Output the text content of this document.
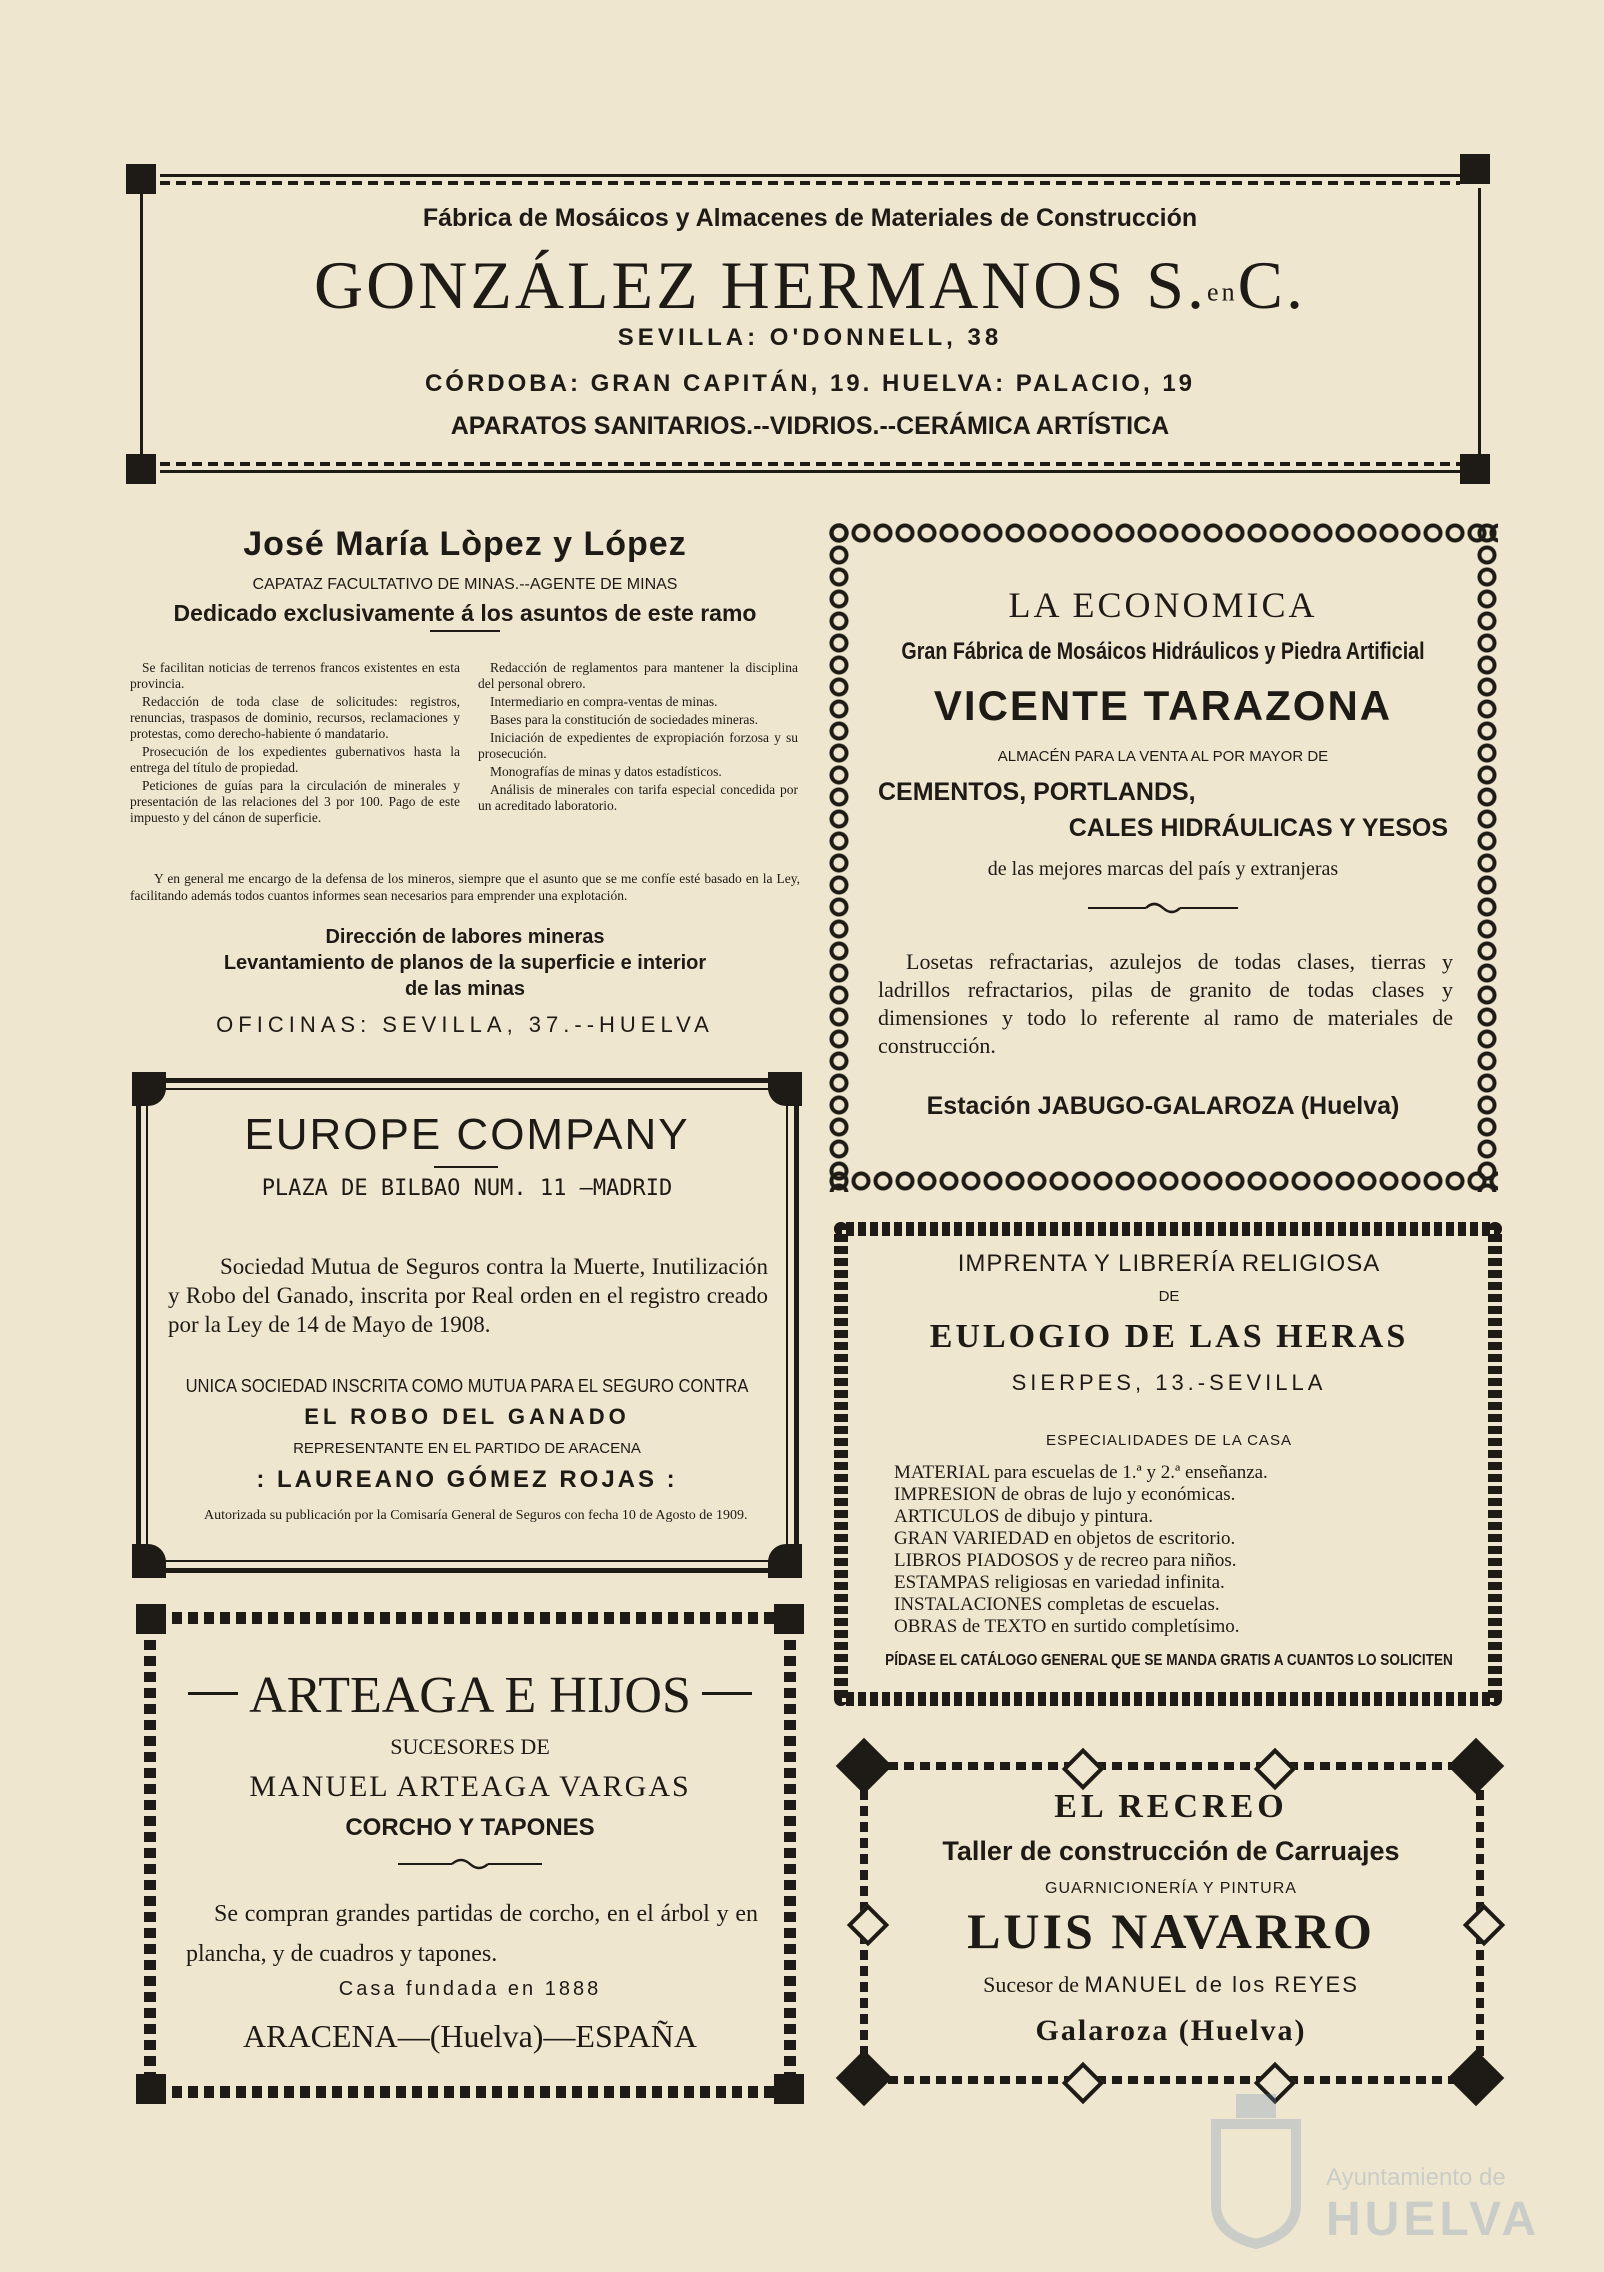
Fábrica de Mosáicos y Almacenes de Materiales de Construcción
GONZÁLEZ HERMANOS S.enC.
SEVILLA: O'DONNELL, 38
CÓRDOBA: GRAN CAPITÁN, 19. HUELVA: PALACIO, 19
APARATOS SANITARIOS.--VIDRIOS.--CERÁMICA ARTÍSTICA
José María Lòpez y López
CAPATAZ FACULTATIVO DE MINAS.--AGENTE DE MINAS
Dedicado exclusivamente á los asuntos de este ramo

Se facilitan noticias de terrenos francos existentes en esta provincia.

Redacción de toda clase de solicitudes: registros, renuncias, traspasos de dominio, recursos, reclamaciones y protestas, como derecho-habiente ó mandatario.

Prosecución de los expedientes gubernativos hasta la entrega del título de propiedad.

Peticiones de guías para la circulación de minerales y presentación de las relaciones del 3 por 100. Pago de este impuesto y del cánon de superficie.

Redacción de reglamentos para mantener la disciplina del personal obrero.

Intermediario en compra-ventas de minas.

Bases para la constitución de sociedades mineras.

Iniciación de expedientes de expropiación forzosa y su prosecución.

Monografías de minas y datos estadísticos.

Análisis de minerales con tarifa especial concedida por un acreditado laboratorio.

Y en general me encargo de la defensa de los mineros, siempre que el asunto que se me confíe esté basado en la Ley, facilitando además todos cuantos informes sean necesarios para emprender una explotación.
Dirección de labores mineras
Levantamiento de planos de la superficie e interior
de las minas
OFICINAS: SEVILLA, 37.--HUELVA
LA ECONOMICA
Gran Fábrica de Mosáicos Hidráulicos y Piedra Artificial
VICENTE TARAZONA
ALMACÉN PARA LA VENTA AL POR MAYOR DE
CEMENTOS, PORTLANDS,
CALES HIDRÁULICAS Y YESOS
de las mejores marcas del país y extranjeras
Losetas refractarias, azulejos de todas clases, tierras y ladrillos refractarios, pilas de granito de todas clases y dimensiones y todo lo referente al ramo de materiales de construcción.
Estación JABUGO-GALAROZA (Huelva)
EUROPE COMPANY
PLAZA DE BILBAO NUM. 11 —MADRID
Sociedad Mutua de Seguros contra la Muerte, Inutilización y Robo del Ganado, inscrita por Real orden en el registro creado por la Ley de 14 de Mayo de 1908.
UNICA SOCIEDAD INSCRITA COMO MUTUA PARA EL SEGURO CONTRA
EL ROBO DEL GANADO
REPRESENTANTE EN EL PARTIDO DE ARACENA
: LAUREANO GÓMEZ ROJAS :
Autorizada su publicación por la Comisaría General de Seguros con fecha 10 de Agosto de 1909.
IMPRENTA Y LIBRERÍA RELIGIOSA
DE
EULOGIO DE LAS HERAS
SIERPES, 13.-SEVILLA
ESPECIALIDADES DE LA CASA
MATERIAL para escuelas de 1.ª y 2.ª enseñanza.
IMPRESION de obras de lujo y económicas.
ARTICULOS de dibujo y pintura.
GRAN VARIEDAD en objetos de escritorio.
LIBROS PIADOSOS y de recreo para niños.
ESTAMPAS religiosas en variedad infinita.
INSTALACIONES completas de escuelas.
OBRAS de TEXTO en surtido completísimo.
PÍDASE EL CATÁLOGO GENERAL QUE SE MANDA GRATIS A CUANTOS LO SOLICITEN
ARTEAGA E HIJOS
SUCESORES DE
MANUEL ARTEAGA VARGAS
CORCHO Y TAPONES
Se compran grandes partidas de corcho, en el árbol y en plancha, y de cuadros y tapones.
Casa fundada en 1888
ARACENA—(Huelva)—ESPAÑA
EL RECREO
Taller de construcción de Carruajes
GUARNICIONERÍA Y PINTURA
LUIS NAVARRO
Sucesor de MANUEL de los REYES
Galaroza (Huelva)
Ayuntamiento de
HUELVA
